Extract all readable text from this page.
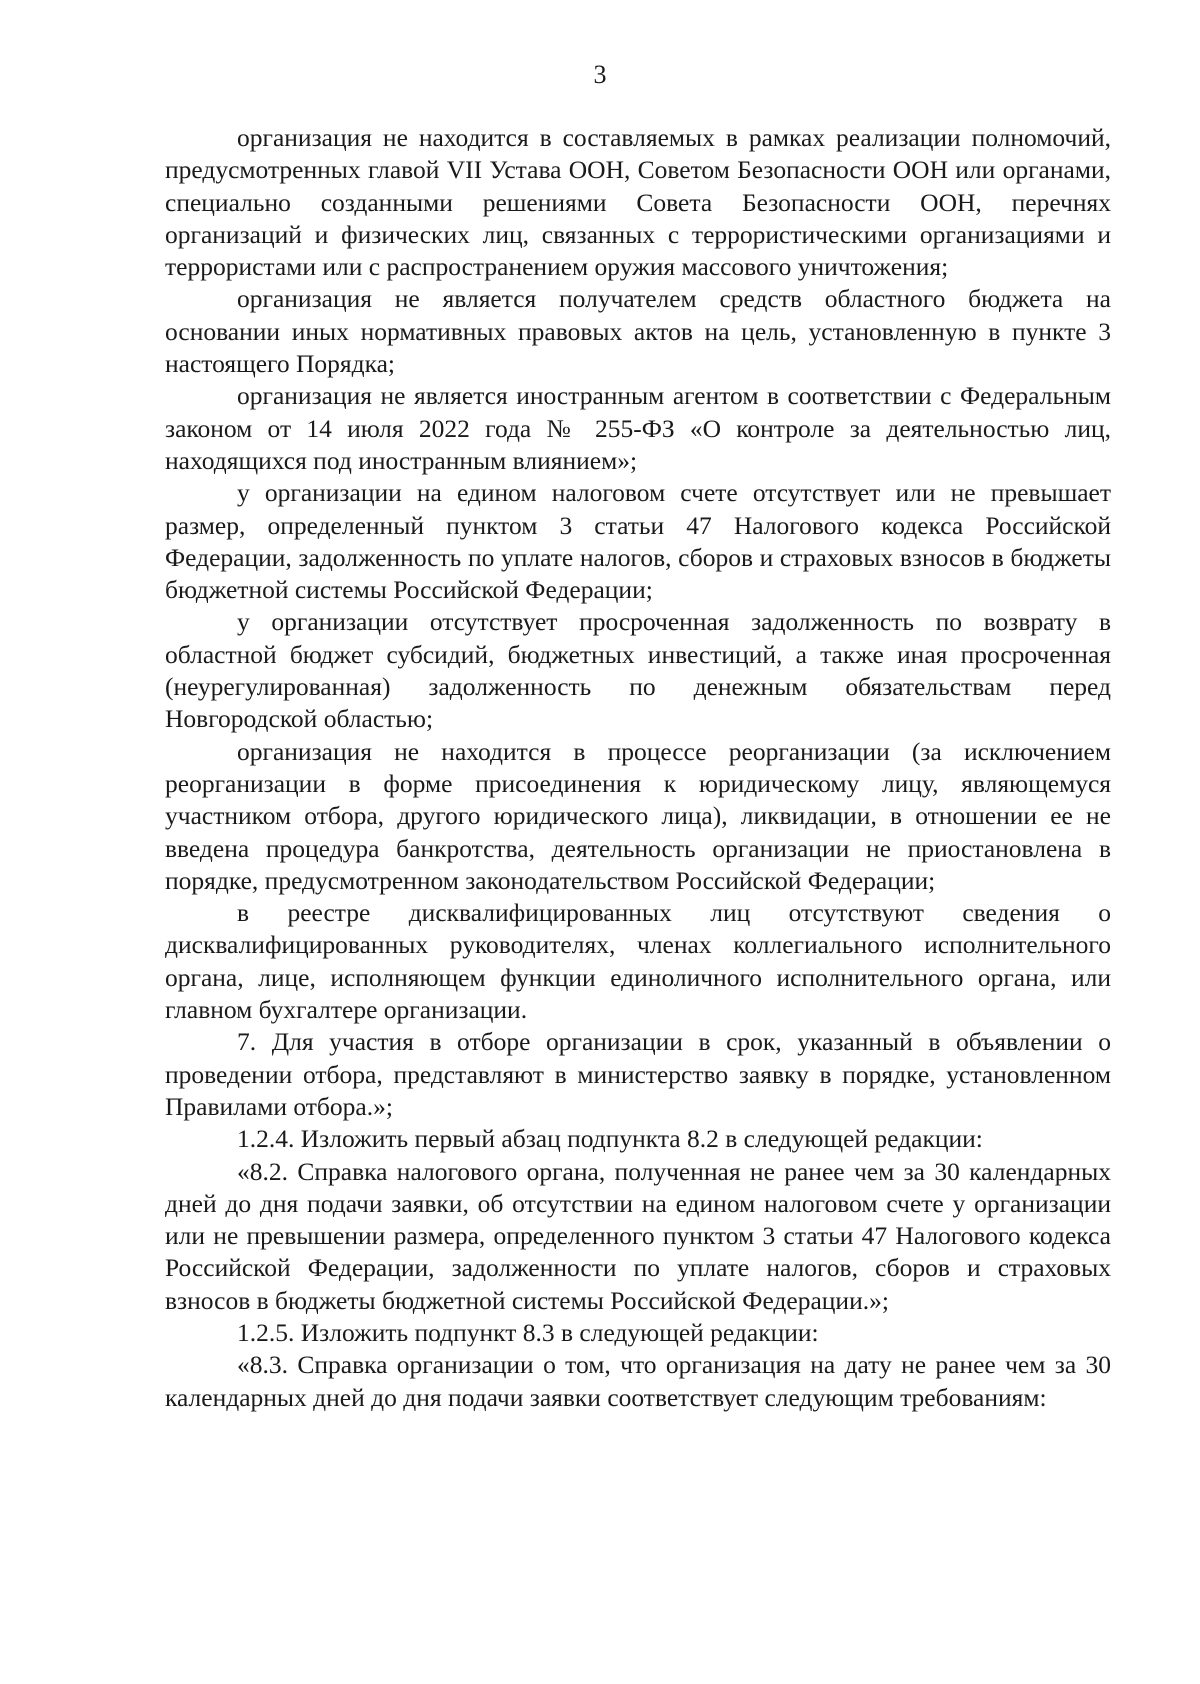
3

организация не находится в составляемых в рамках реализации полномочий, предусмотренных главой VII Устава ООН, Советом Безопасности ООН или органами, специально созданными решениями Совета Безопасности ООН, перечнях организаций и физических лиц, связанных с террористическими организациями и террористами или с распространением оружия массового уничтожения;

организация не является получателем средств областного бюджета на основании иных нормативных правовых актов на цель, установленную в пункте 3 настоящего Порядка;

организация не является иностранным агентом в соответствии с Федеральным законом от 14 июля 2022 года № 255-ФЗ «О контроле за деятельностью лиц, находящихся под иностранным влиянием»;

у организации на едином налоговом счете отсутствует или не превышает размер, определенный пунктом 3 статьи 47 Налогового кодекса Российской Федерации, задолженность по уплате налогов, сборов и страховых взносов в бюджеты бюджетной системы Российской Федерации;

у организации отсутствует просроченная задолженность по возврату в областной бюджет субсидий, бюджетных инвестиций, а также иная просроченная (неурегулированная) задолженность по денежным обязательствам перед Новгородской областью;

организация не находится в процессе реорганизации (за исключением реорганизации в форме присоединения к юридическому лицу, являющемуся участником отбора, другого юридического лица), ликвидации, в отношении ее не введена процедура банкротства, деятельность организации не приостановлена в порядке, предусмотренном законодательством Российской Федерации;

в реестре дисквалифицированных лиц отсутствуют сведения о дисквалифицированных руководителях, членах коллегиального исполнительного органа, лице, исполняющем функции единоличного исполнительного органа, или главном бухгалтере организации.

7. Для участия в отборе организации в срок, указанный в объявлении о проведении отбора, представляют в министерство заявку в порядке, установленном Правилами отбора.»;

1.2.4. Изложить первый абзац подпункта 8.2 в следующей редакции:

«8.2. Справка налогового органа, полученная не ранее чем за 30 календарных дней до дня подачи заявки, об отсутствии на едином налоговом счете у организации или не превышении размера, определенного пунктом 3 статьи 47 Налогового кодекса Российской Федерации, задолженности по уплате налогов, сборов и страховых взносов в бюджеты бюджетной системы Российской Федерации.»;

1.2.5. Изложить подпункт 8.3 в следующей редакции:

«8.3. Справка организации о том, что организация на дату не ранее чем за 30 календарных дней до дня подачи заявки соответствует следующим требованиям:
